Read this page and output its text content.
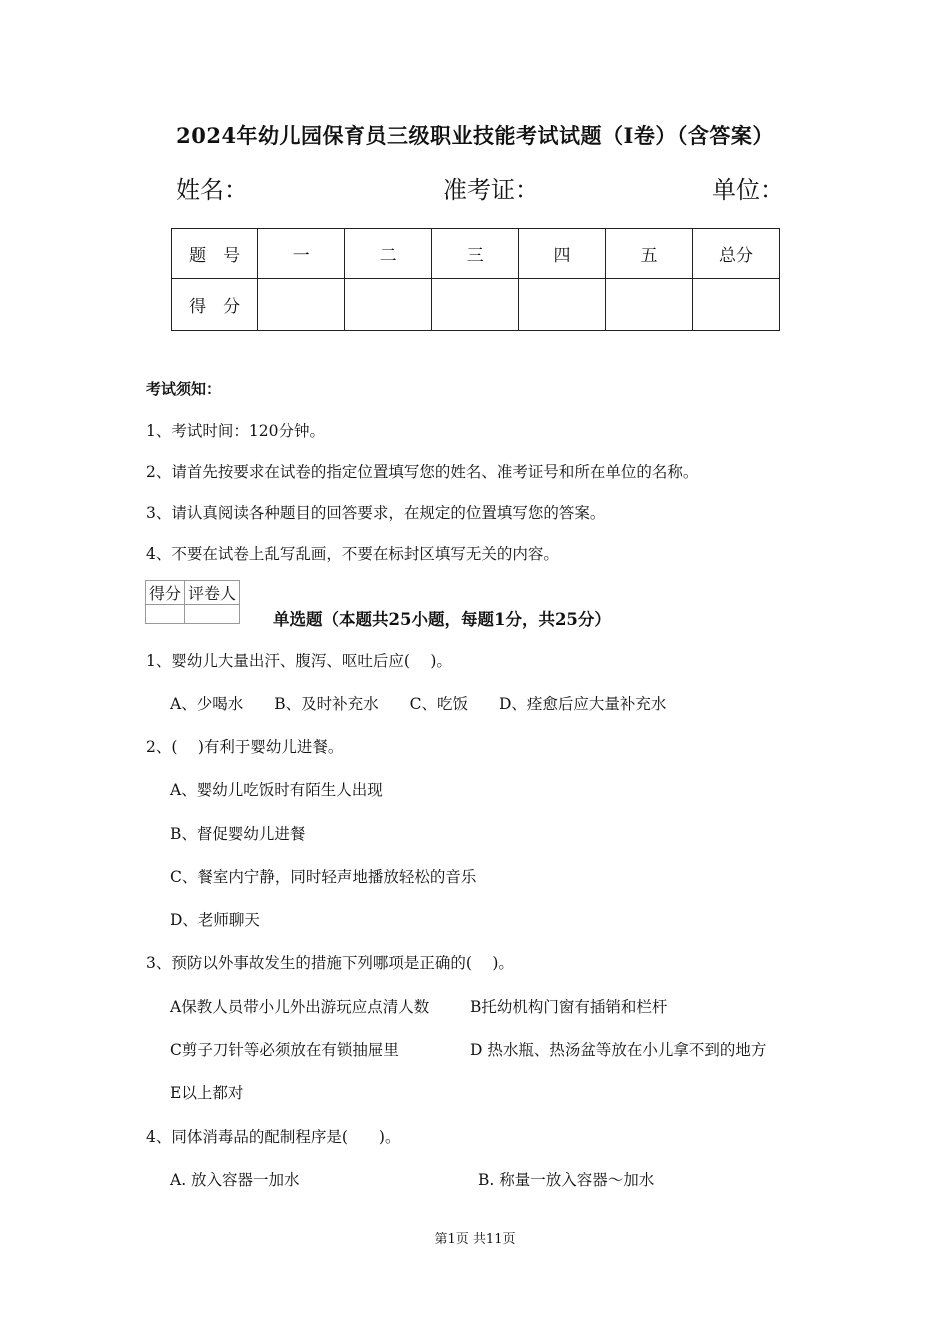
2024年幼儿园保育员三级职业技能考试试题（I卷）（含答案）
姓名：	准考证：	单位：
题　号	一	二	三	四	五	总分
得　分						
考试须知：
1、考试时间：120分钟。
2、请首先按要求在试卷的指定位置填写您的姓名、准考证号和所在单位的名称。
3、请认真阅读各种题目的回答要求，在规定的位置填写您的答案。
4、不要在试卷上乱写乱画，不要在标封区填写无关的内容。
得分	评卷人

单选题（本题共25小题，每题1分，共25分）
1、婴幼儿大量出汗、腹泻、呕吐后应(　 )。
A、少喝水　　B、及时补充水　　C、吃饭　　D、痊愈后应大量补充水
2、(　 )有利于婴幼儿进餐。
A、婴幼儿吃饭时有陌生人出现
B、督促婴幼儿进餐
C、餐室内宁静，同时轻声地播放轻松的音乐
D、老师聊天
3、预防以外事故发生的措施下列哪项是正确的(　 )。
A保教人员带小儿外出游玩应点清人数	B托幼机构门窗有插销和栏杆
C剪子刀针等必须放在有锁抽屉里	D 热水瓶、热汤盆等放在小儿拿不到的地方
E以上都对
4、同体消毒品的配制程序是(　　)。
A. 放入容器一加水	B. 称量一放入容器～加水
第1页 共11页
